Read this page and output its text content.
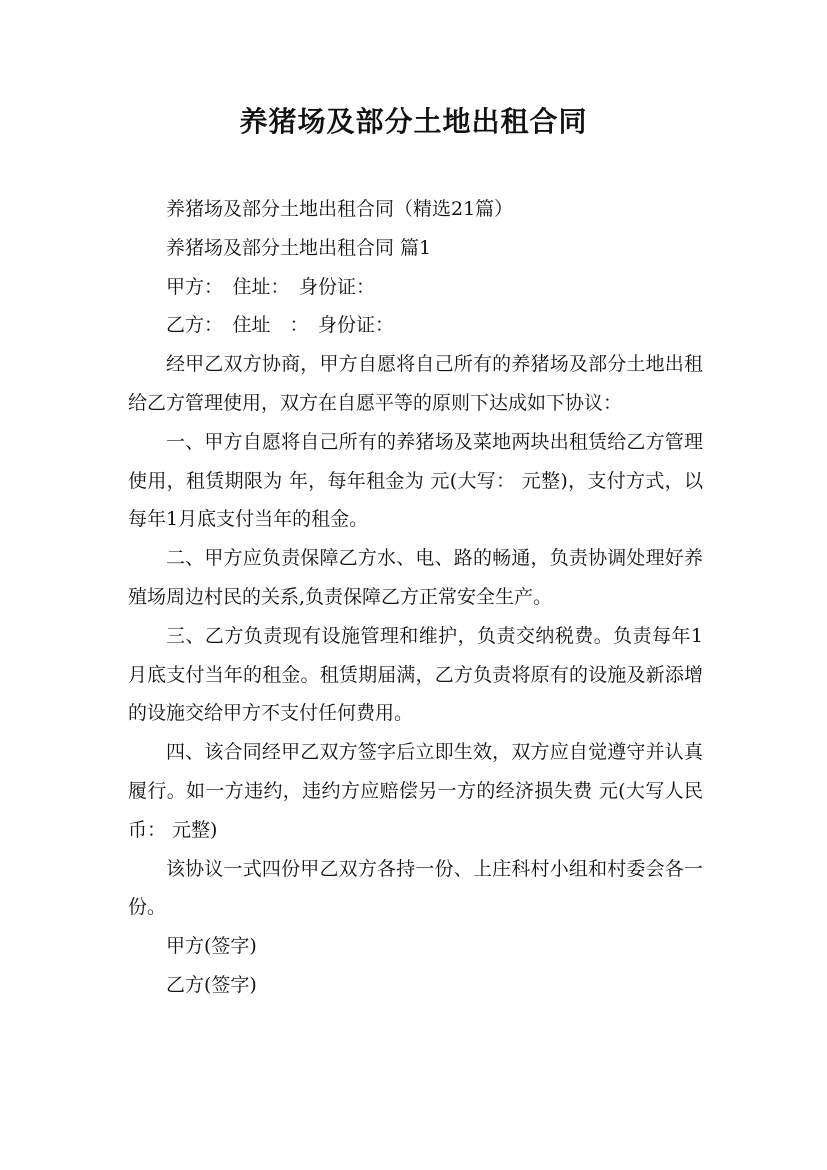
养猪场及部分土地出租合同

养猪场及部分土地出租合同（精选21篇）

养猪场及部分土地出租合同 篇1

甲方：　住址：　身份证：

乙方：　住址　：　身份证：

经甲乙双方协商，甲方自愿将自己所有的养猪场及部分土地出租给乙方管理使用，双方在自愿平等的原则下达成如下协议：

一、甲方自愿将自己所有的养猪场及菜地两块出租赁给乙方管理使用，租赁期限为 年，每年租金为 元(大写： 元整)，支付方式，以每年1月底支付当年的租金。

二、甲方应负责保障乙方水、电、路的畅通，负责协调处理好养殖场周边村民的关系,负责保障乙方正常安全生产。

三、乙方负责现有设施管理和维护，负责交纳税费。负责每年1月底支付当年的租金。租赁期届满，乙方负责将原有的设施及新添增的设施交给甲方不支付任何费用。

四、该合同经甲乙双方签字后立即生效，双方应自觉遵守并认真履行。如一方违约，违约方应赔偿另一方的经济损失费 元(大写人民币： 元整)

该协议一式四份甲乙双方各持一份、上庄科村小组和村委会各一份。

甲方(签字)

乙方(签字)
